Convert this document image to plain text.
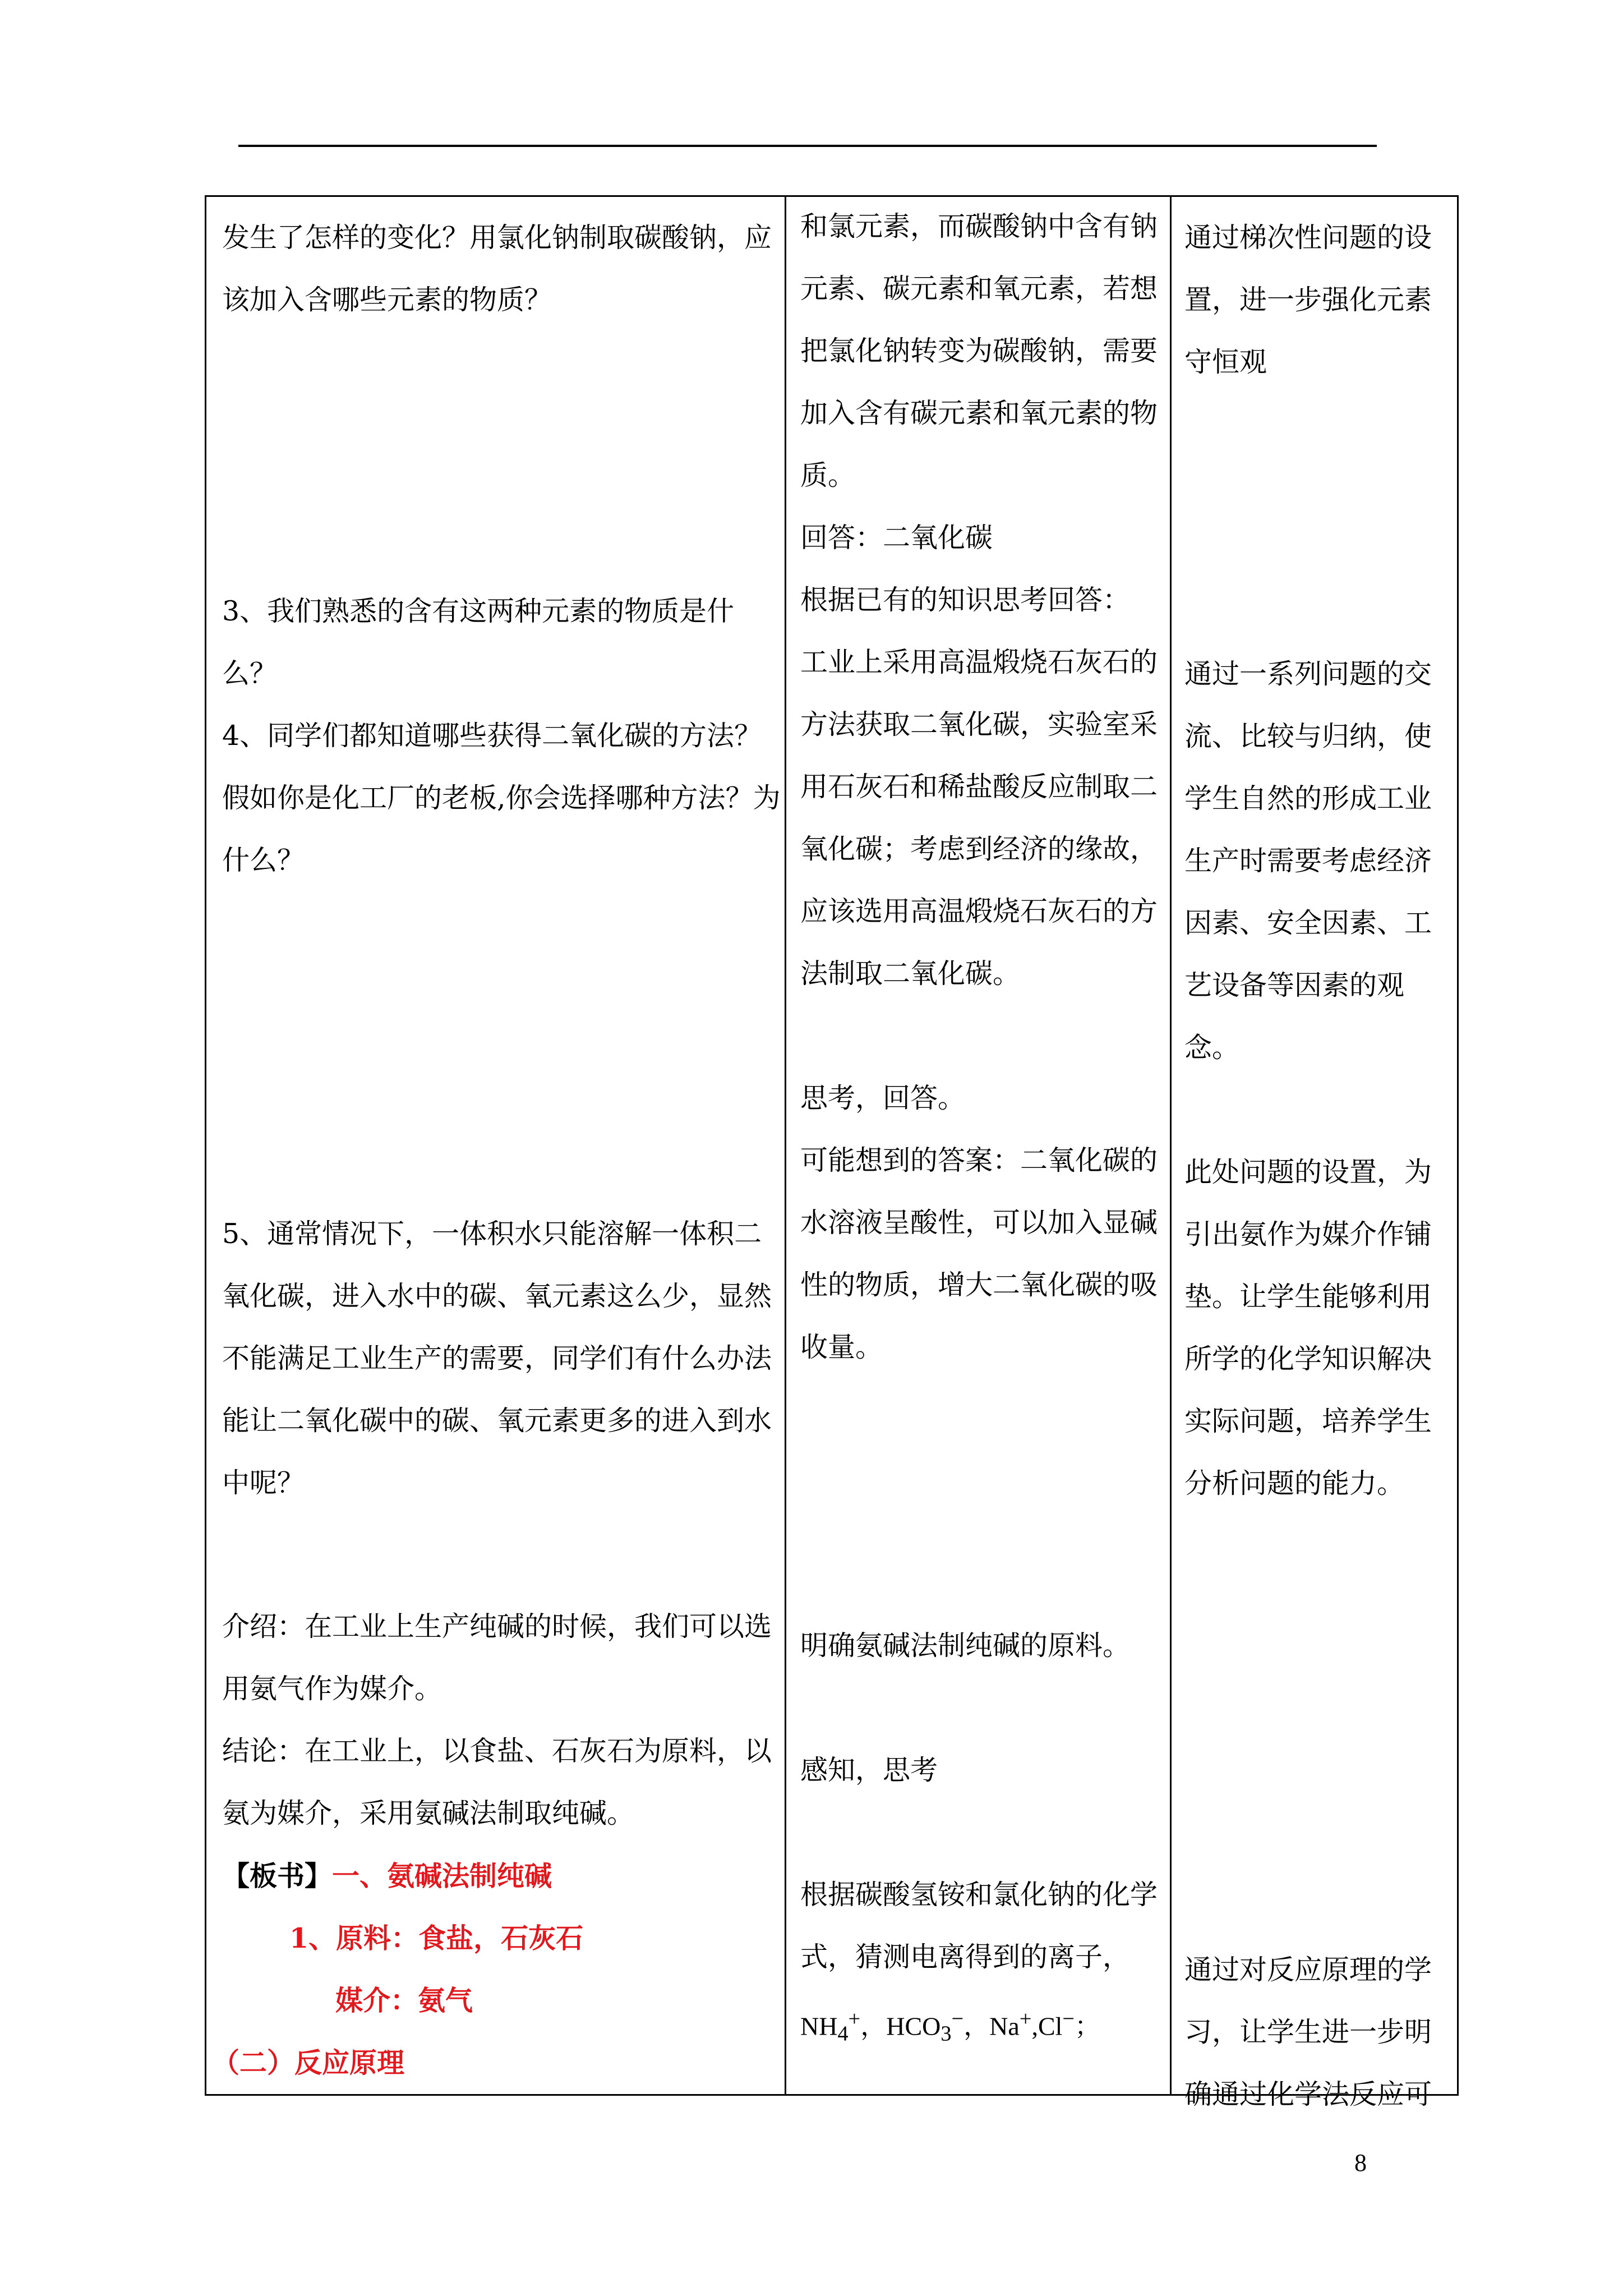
发生了怎样的变化？用氯化钠制取碳酸钠，应该加入含哪些元素的物质？

3、我们熟悉的含有这两种元素的物质是什么？

4、同学们都知道哪些获得二氧化碳的方法？假如你是化工厂的老板,你会选择哪种方法？为什么？

5、通常情况下，一体积水只能溶解一体积二氧化碳，进入水中的碳、氧元素这么少，显然不能满足工业生产的需要，同学们有什么办法能让二氧化碳中的碳、氧元素更多的进入到水中呢？

介绍：在工业上生产纯碱的时候，我们可以选用氨气作为媒介。

结论：在工业上，以食盐、石灰石为原料，以氨为媒介，采用氨碱法制取纯碱。

【板书】一、氨碱法制纯碱

1、原料：食盐，石灰石

媒介：氨气

（二）反应原理

和氯元素，而碳酸钠中含有钠元素、碳元素和氧元素，若想把氯化钠转变为碳酸钠，需要加入含有碳元素和氧元素的物质。

回答：二氧化碳

根据已有的知识思考回答：

工业上采用高温煅烧石灰石的方法获取二氧化碳，实验室采用石灰石和稀盐酸反应制取二氧化碳；考虑到经济的缘故，应该选用高温煅烧石灰石的方法制取二氧化碳。

思考，回答。

可能想到的答案：二氧化碳的水溶液呈酸性，可以加入显碱性的物质，增大二氧化碳的吸收量。

明确氨碱法制纯碱的原料。

感知，思考

根据碳酸氢铵和氯化钠的化学式，猜测电离得到的离子，

$NH_4^+$，$HCO_3^-$，Na+,Cl−；

通过梯次性问题的设置，进一步强化元素守恒观

通过一系列问题的交流、比较与归纳，使学生自然的形成工业生产时需要考虑经济因素、安全因素、工艺设备等因素的观念。

此处问题的设置，为引出氨作为媒介作铺垫。让学生能够利用所学的化学知识解决实际问题，培养学生分析问题的能力。

通过对反应原理的学习，让学生进一步明确通过化学法反应可

8
